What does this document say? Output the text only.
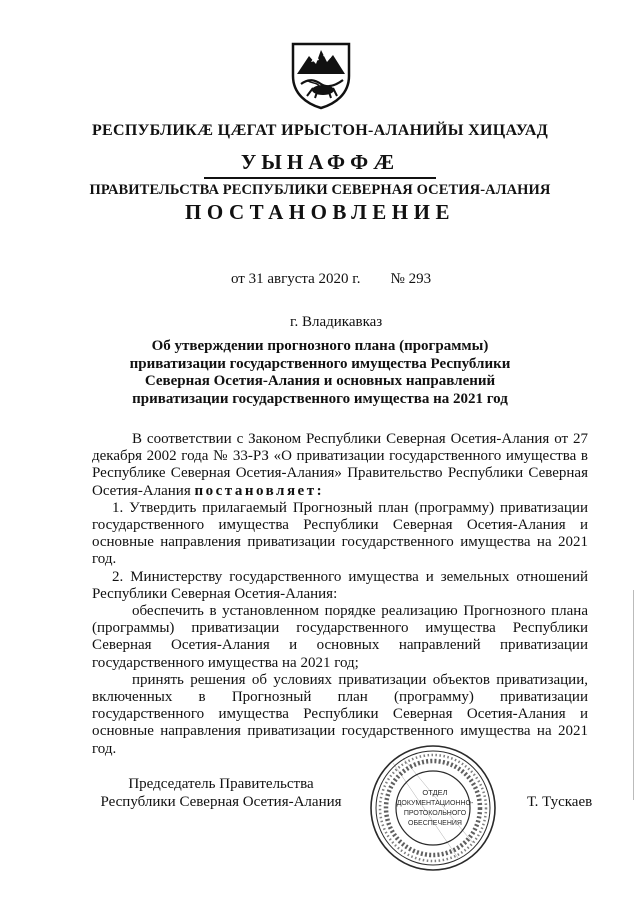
РЕСПУБЛИКÆ ЦÆГАТ ИРЫСТОН-АЛАНИЙЫ ХИЦАУАД
УЫНАФФÆ
ПРАВИТЕЛЬСТВА РЕСПУБЛИКИ СЕВЕРНАЯ ОСЕТИЯ-АЛАНИЯ
ПОСТАНОВЛЕНИЕ
от 31 августа 2020 г. № 293
г. Владикавказ
Об утверждении прогнозного плана (программы) приватизации государственного имущества Республики Северная Осетия-Алания и основных направлений приватизации государственного имущества на 2021 год

В соответствии с Законом Республики Северная Осетия-Алания от 27 декабря 2002 года № 33-РЗ «О приватизации государственного имущества в Республике Северная Осетия-Алания» Правительство Республики Северная Осетия-Алания постановляет:

1. Утвердить прилагаемый Прогнозный план (программу) приватизации государственного имущества Республики Северная Осетия-Алания и основные направления приватизации государственного имущества на 2021 год.

2. Министерству государственного имущества и земельных отношений Республики Северная Осетия-Алания:

обеспечить в установленном порядке реализацию Прогнозного плана (программы) приватизации государственного имущества Республики Северная Осетия-Алания и основных направлений приватизации государственного имущества на 2021 год;

принять решения об условиях приватизации объектов приватизации, включенных в Прогнозный план (программу) приватизации государственного имущества Республики Северная Осетия-Алания и основные направления приватизации государственного имущества на 2021 год.

Председатель Правительства
Республики Северная Осетия-Алания	Т. Тускаев
ОТДЕЛ
ДОКУМЕНТАЦИОННО-
ПРОТОКОЛЬНОГО
ОБЕСПЕЧЕНИЯ
